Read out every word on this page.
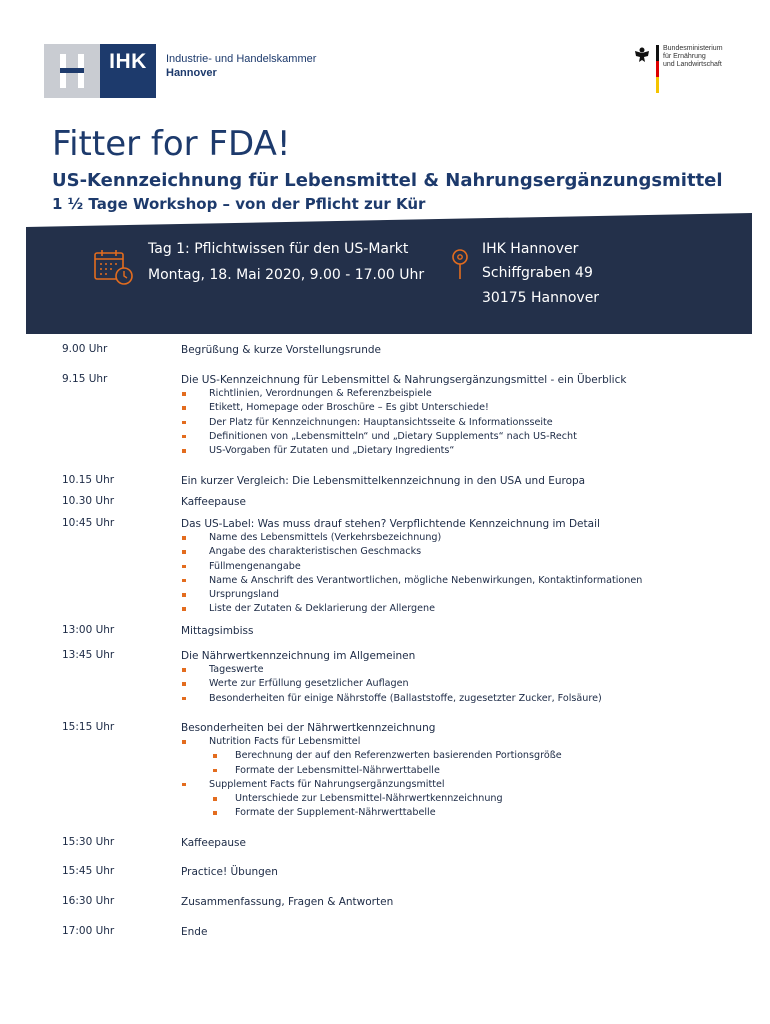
IHK	Industrie- und Handelskammer
Hannover
Bundesministerium
für Ernährung
und Landwirtschaft
Fitter for FDA!
US-Kennzeichnung für Lebensmittel & Nahrungsergänzungsmittel
1 ½ Tage Workshop – von der Pflicht zur Kür
Tag 1: Pflichtwissen für den US-Markt
Montag, 18. Mai 2020, 9.00 - 17.00 Uhr
IHK Hannover
Schiffgraben 49
30175 Hannover
9.00 Uhr	Begrüßung & kurze Vorstellungsrunde
9.15 Uhr	Die US-Kennzeichnung für Lebensmittel & Nahrungsergänzungsmittel - ein Überblick
Richtlinien, Verordnungen & Referenzbeispiele
Etikett, Homepage oder Broschüre – Es gibt Unterschiede!
Der Platz für Kennzeichnungen: Hauptansichtsseite & Informationsseite
Definitionen von „Lebensmitteln“ und „Dietary Supplements“ nach US-Recht
US-Vorgaben für Zutaten und „Dietary Ingredients“
10.15 Uhr	Ein kurzer Vergleich: Die Lebensmittelkennzeichnung in den USA und Europa
10.30 Uhr	Kaffeepause
10:45 Uhr	Das US-Label: Was muss drauf stehen? Verpflichtende Kennzeichnung im Detail
Name des Lebensmittels (Verkehrsbezeichnung)
Angabe des charakteristischen Geschmacks
Füllmengenangabe
Name & Anschrift des Verantwortlichen, mögliche Nebenwirkungen, Kontaktinformationen
Ursprungsland
Liste der Zutaten & Deklarierung der Allergene
13:00 Uhr	Mittagsimbiss
13:45 Uhr	Die Nährwertkennzeichnung im Allgemeinen
Tageswerte
Werte zur Erfüllung gesetzlicher Auflagen
Besonderheiten für einige Nährstoffe (Ballaststoffe, zugesetzter Zucker, Folsäure)
15:15 Uhr	Besonderheiten bei der Nährwertkennzeichnung
Nutrition Facts für Lebensmittel
Berechnung der auf den Referenzwerten basierenden Portionsgröße
Formate der Lebensmittel-Nährwerttabelle
Supplement Facts für Nahrungsergänzungsmittel
Unterschiede zur Lebensmittel-Nährwertkennzeichnung
Formate der Supplement-Nährwerttabelle
15:30 Uhr	Kaffeepause
15:45 Uhr	Practice! Übungen
16:30 Uhr	Zusammenfassung, Fragen & Antworten
17:00 Uhr	Ende
